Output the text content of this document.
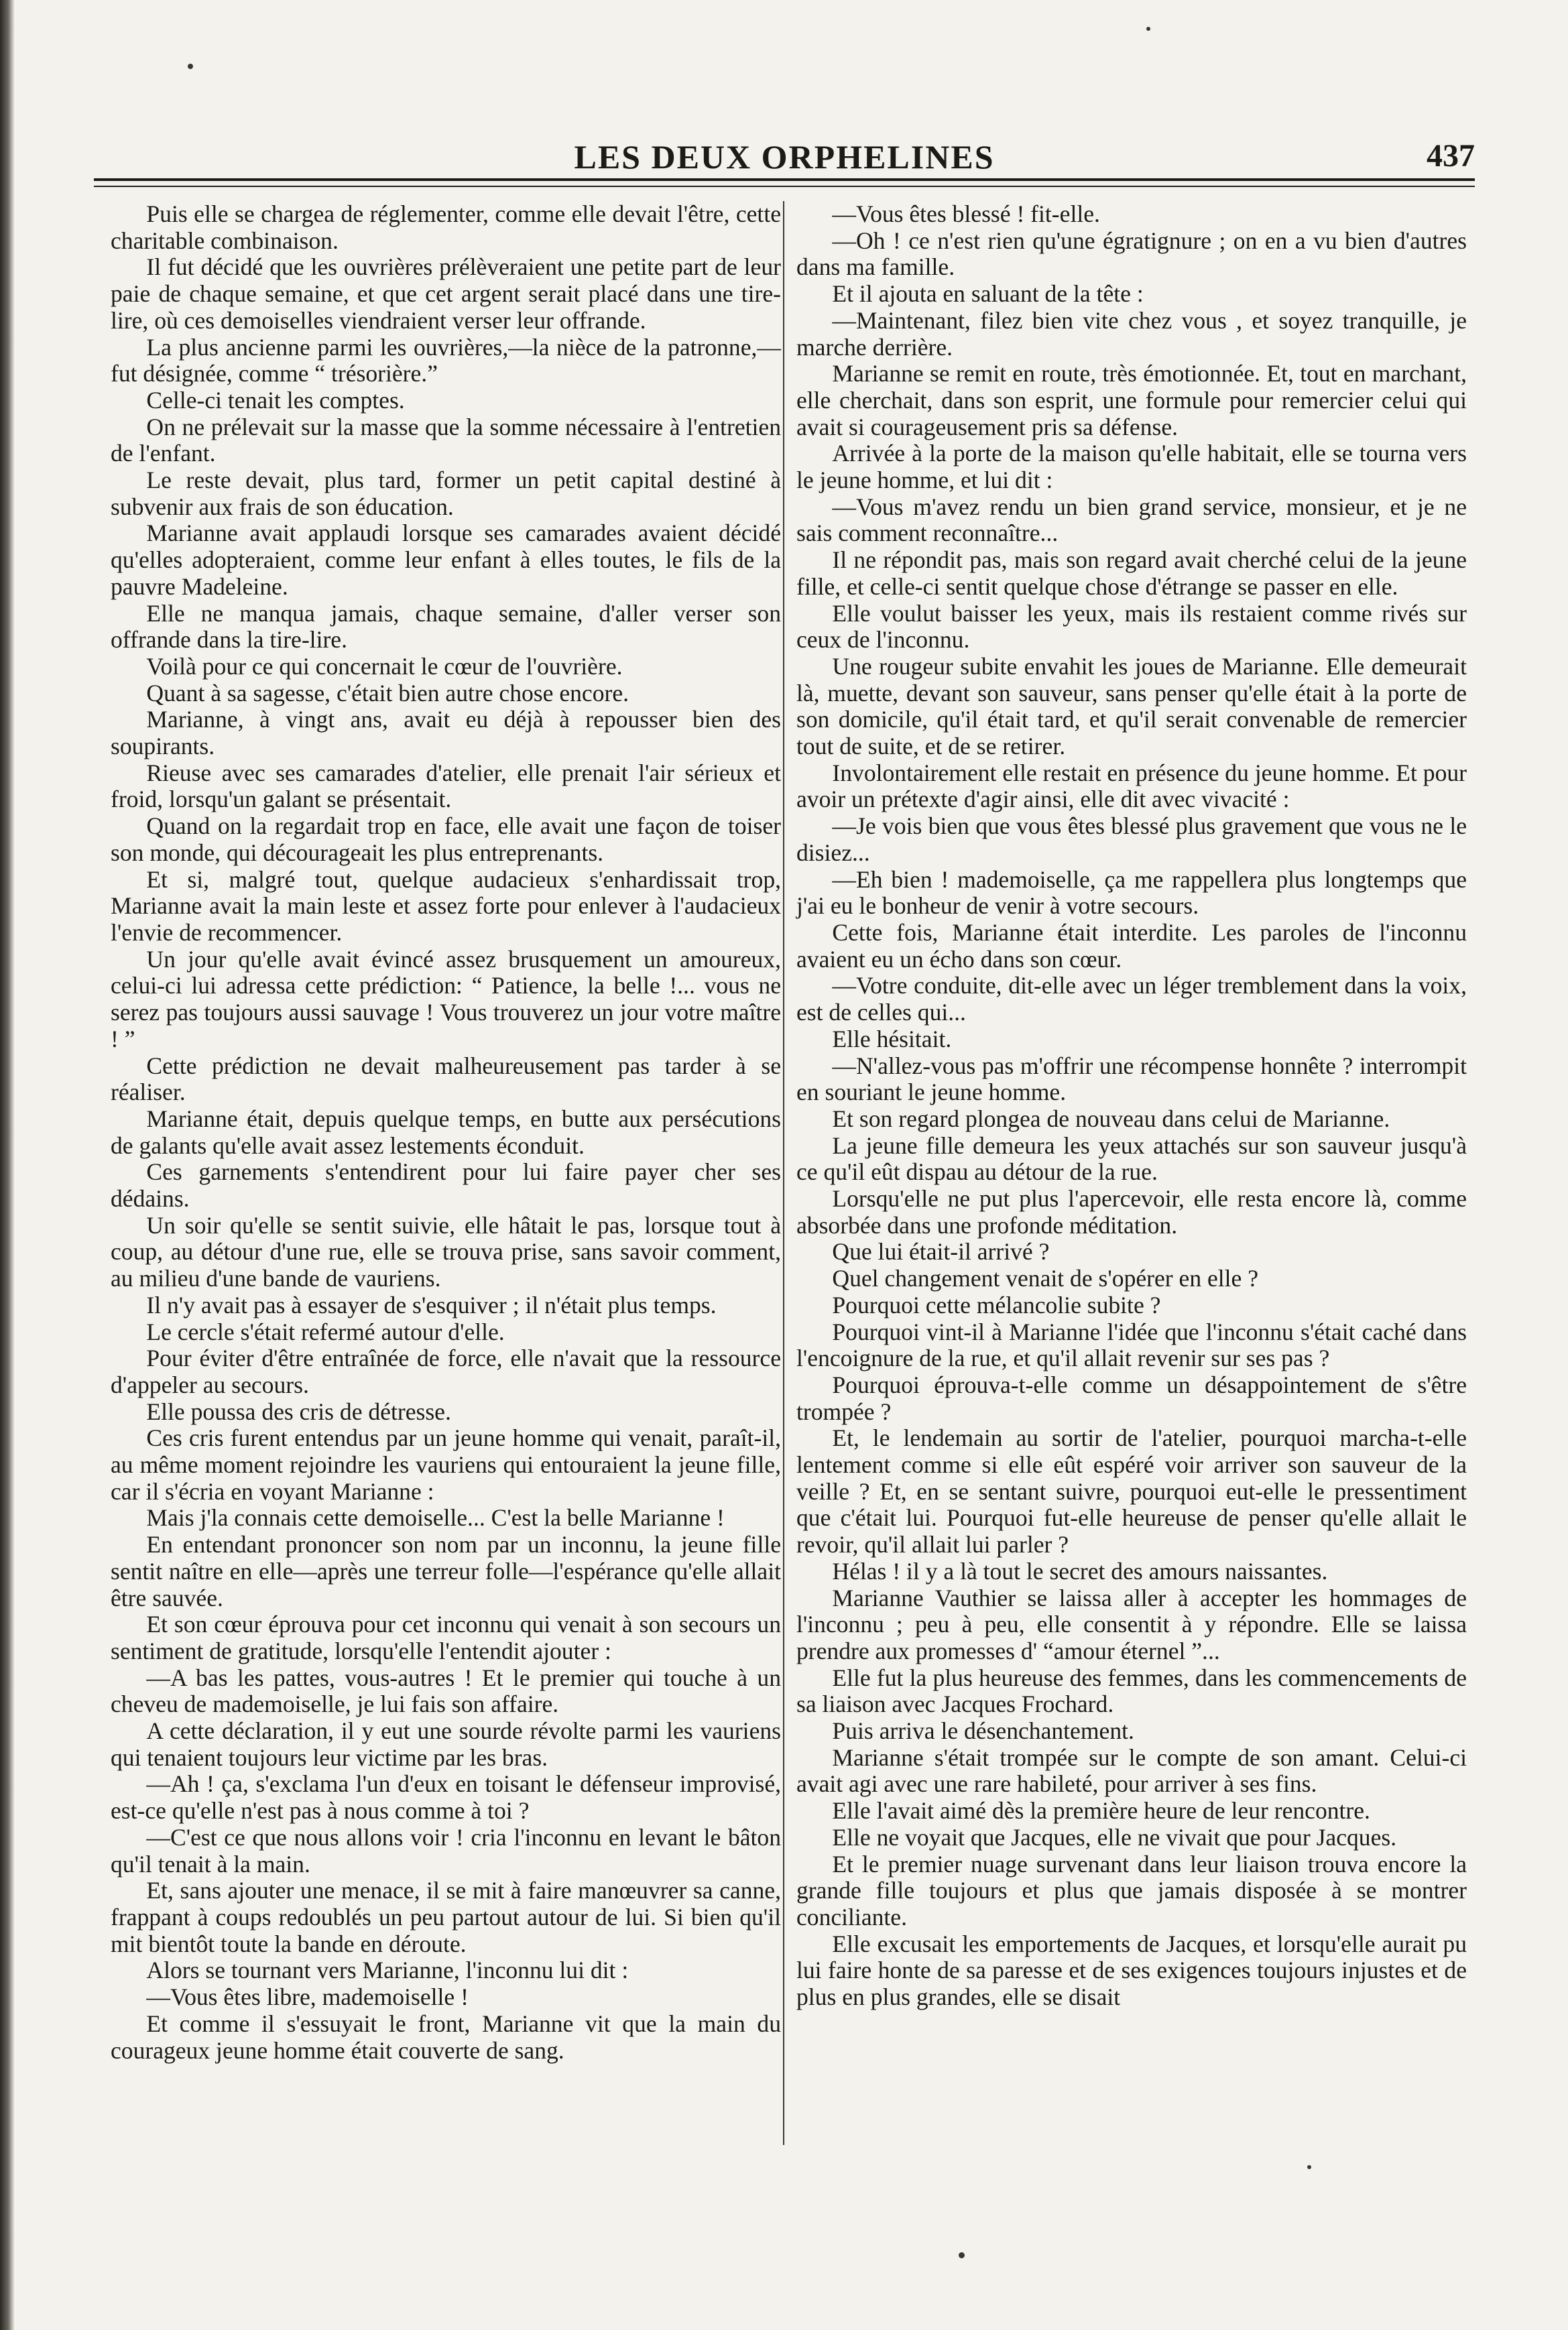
LES DEUX ORPHELINES	437

Puis elle se chargea de réglementer, comme elle devait l'être, cette charitable combinaison.

Il fut décidé que les ouvrières prélèveraient une petite part de leur paie de chaque semaine, et que cet argent serait placé dans une tire-lire, où ces demoiselles viendraient verser leur offrande.

La plus ancienne parmi les ouvrières,—la nièce de la patronne,—fut désignée, comme “ trésorière.”

Celle-ci tenait les comptes.

On ne prélevait sur la masse que la somme nécessaire à l'entretien de l'enfant.

Le reste devait, plus tard, former un petit capital destiné à subvenir aux frais de son éducation.

Marianne avait applaudi lorsque ses camarades avaient décidé qu'elles adopteraient, comme leur enfant à elles toutes, le fils de la pauvre Madeleine.

Elle ne manqua jamais, chaque semaine, d'aller verser son offrande dans la tire-lire.

Voilà pour ce qui concernait le cœur de l'ouvrière.

Quant à sa sagesse, c'était bien autre chose encore.

Marianne, à vingt ans, avait eu déjà à repousser bien des soupirants.

Rieuse avec ses camarades d'atelier, elle prenait l'air sérieux et froid, lorsqu'un galant se présentait.

Quand on la regardait trop en face, elle avait une façon de toiser son monde, qui décourageait les plus entreprenants.

Et si, malgré tout, quelque audacieux s'enhardissait trop, Marianne avait la main leste et assez forte pour enlever à l'audacieux l'envie de recommencer.

Un jour qu'elle avait évincé assez brusquement un amoureux, celui-ci lui adressa cette prédiction: “ Patience, la belle !... vous ne serez pas toujours aussi sauvage ! Vous trouverez un jour votre maître ! ”

Cette prédiction ne devait malheureusement pas tarder à se réaliser.

Marianne était, depuis quelque temps, en butte aux persécutions de galants qu'elle avait assez lestements éconduit.

Ces garnements s'entendirent pour lui faire payer cher ses dédains.

Un soir qu'elle se sentit suivie, elle hâtait le pas, lorsque tout à coup, au détour d'une rue, elle se trouva prise, sans savoir comment, au milieu d'une bande de vauriens.

Il n'y avait pas à essayer de s'esquiver ; il n'était plus temps.

Le cercle s'était refermé autour d'elle.

Pour éviter d'être entraînée de force, elle n'avait que la ressource d'appeler au secours.

Elle poussa des cris de détresse.

Ces cris furent entendus par un jeune homme qui venait, paraît-il, au même moment rejoindre les vauriens qui entouraient la jeune fille, car il s'écria en voyant Marianne :

Mais j'la connais cette demoiselle... C'est la belle Marianne !

En entendant prononcer son nom par un inconnu, la jeune fille sentit naître en elle—après une terreur folle—l'espérance qu'elle allait être sauvée.

Et son cœur éprouva pour cet inconnu qui venait à son secours un sentiment de gratitude, lorsqu'elle l'entendit ajouter :

—A bas les pattes, vous-autres ! Et le premier qui touche à un cheveu de mademoiselle, je lui fais son affaire.

A cette déclaration, il y eut une sourde révolte parmi les vauriens qui tenaient toujours leur victime par les bras.

—Ah ! ça, s'exclama l'un d'eux en toisant le défenseur improvisé, est-ce qu'elle n'est pas à nous comme à toi ?

—C'est ce que nous allons voir ! cria l'inconnu en levant le bâton qu'il tenait à la main.

Et, sans ajouter une menace, il se mit à faire manœuvrer sa canne, frappant à coups redoublés un peu partout autour de lui. Si bien qu'il mit bientôt toute la bande en déroute.

Alors se tournant vers Marianne, l'inconnu lui dit :

—Vous êtes libre, mademoiselle !

Et comme il s'essuyait le front, Marianne vit que la main du courageux jeune homme était couverte de sang.

—Vous êtes blessé ! fit-elle.

—Oh ! ce n'est rien qu'une égratignure ; on en a vu bien d'autres dans ma famille.

Et il ajouta en saluant de la tête :

—Maintenant, filez bien vite chez vous , et soyez tranquille, je marche derrière.

Marianne se remit en route, très émotionnée. Et, tout en marchant, elle cherchait, dans son esprit, une formule pour remercier celui qui avait si courageusement pris sa défense.

Arrivée à la porte de la maison qu'elle habitait, elle se tourna vers le jeune homme, et lui dit :

—Vous m'avez rendu un bien grand service, monsieur, et je ne sais comment reconnaître...

Il ne répondit pas, mais son regard avait cherché celui de la jeune fille, et celle-ci sentit quelque chose d'étrange se passer en elle.

Elle voulut baisser les yeux, mais ils restaient comme rivés sur ceux de l'inconnu.

Une rougeur subite envahit les joues de Marianne. Elle demeurait là, muette, devant son sauveur, sans penser qu'elle était à la porte de son domicile, qu'il était tard, et qu'il serait convenable de remercier tout de suite, et de se retirer.

Involontairement elle restait en présence du jeune homme. Et pour avoir un prétexte d'agir ainsi, elle dit avec vivacité :

—Je vois bien que vous êtes blessé plus gravement que vous ne le disiez...

—Eh bien ! mademoiselle, ça me rappellera plus longtemps que j'ai eu le bonheur de venir à votre secours.

Cette fois, Marianne était interdite. Les paroles de l'inconnu avaient eu un écho dans son cœur.

—Votre conduite, dit-elle avec un léger tremblement dans la voix, est de celles qui...

Elle hésitait.

—N'allez-vous pas m'offrir une récompense honnête ? interrompit en souriant le jeune homme.

Et son regard plongea de nouveau dans celui de Marianne.

La jeune fille demeura les yeux attachés sur son sauveur jusqu'à ce qu'il eût dispau au détour de la rue.

Lorsqu'elle ne put plus l'apercevoir, elle resta encore là, comme absorbée dans une profonde méditation.

Que lui était-il arrivé ?

Quel changement venait de s'opérer en elle ?

Pourquoi cette mélancolie subite ?

Pourquoi vint-il à Marianne l'idée que l'inconnu s'était caché dans l'encoignure de la rue, et qu'il allait revenir sur ses pas ?

Pourquoi éprouva-t-elle comme un désappointement de s'être trompée ?

Et, le lendemain au sortir de l'atelier, pourquoi marcha-t-elle lentement comme si elle eût espéré voir arriver son sauveur de la veille ? Et, en se sentant suivre, pourquoi eut-elle le pressentiment que c'était lui. Pourquoi fut-elle heureuse de penser qu'elle allait le revoir, qu'il allait lui parler ?

Hélas ! il y a là tout le secret des amours naissantes.

Marianne Vauthier se laissa aller à accepter les hommages de l'inconnu ; peu à peu, elle consentit à y répondre. Elle se laissa prendre aux promesses d' “amour éternel ”...

Elle fut la plus heureuse des femmes, dans les commencements de sa liaison avec Jacques Frochard.

Puis arriva le désenchantement.

Marianne s'était trompée sur le compte de son amant. Celui-ci avait agi avec une rare habileté, pour arriver à ses fins.

Elle l'avait aimé dès la première heure de leur rencontre.

Elle ne voyait que Jacques, elle ne vivait que pour Jacques.

Et le premier nuage survenant dans leur liaison trouva encore la grande fille toujours et plus que jamais disposée à se montrer conciliante.

Elle excusait les emportements de Jacques, et lorsqu'elle aurait pu lui faire honte de sa paresse et de ses exigences toujours injustes et de plus en plus grandes, elle se disait
